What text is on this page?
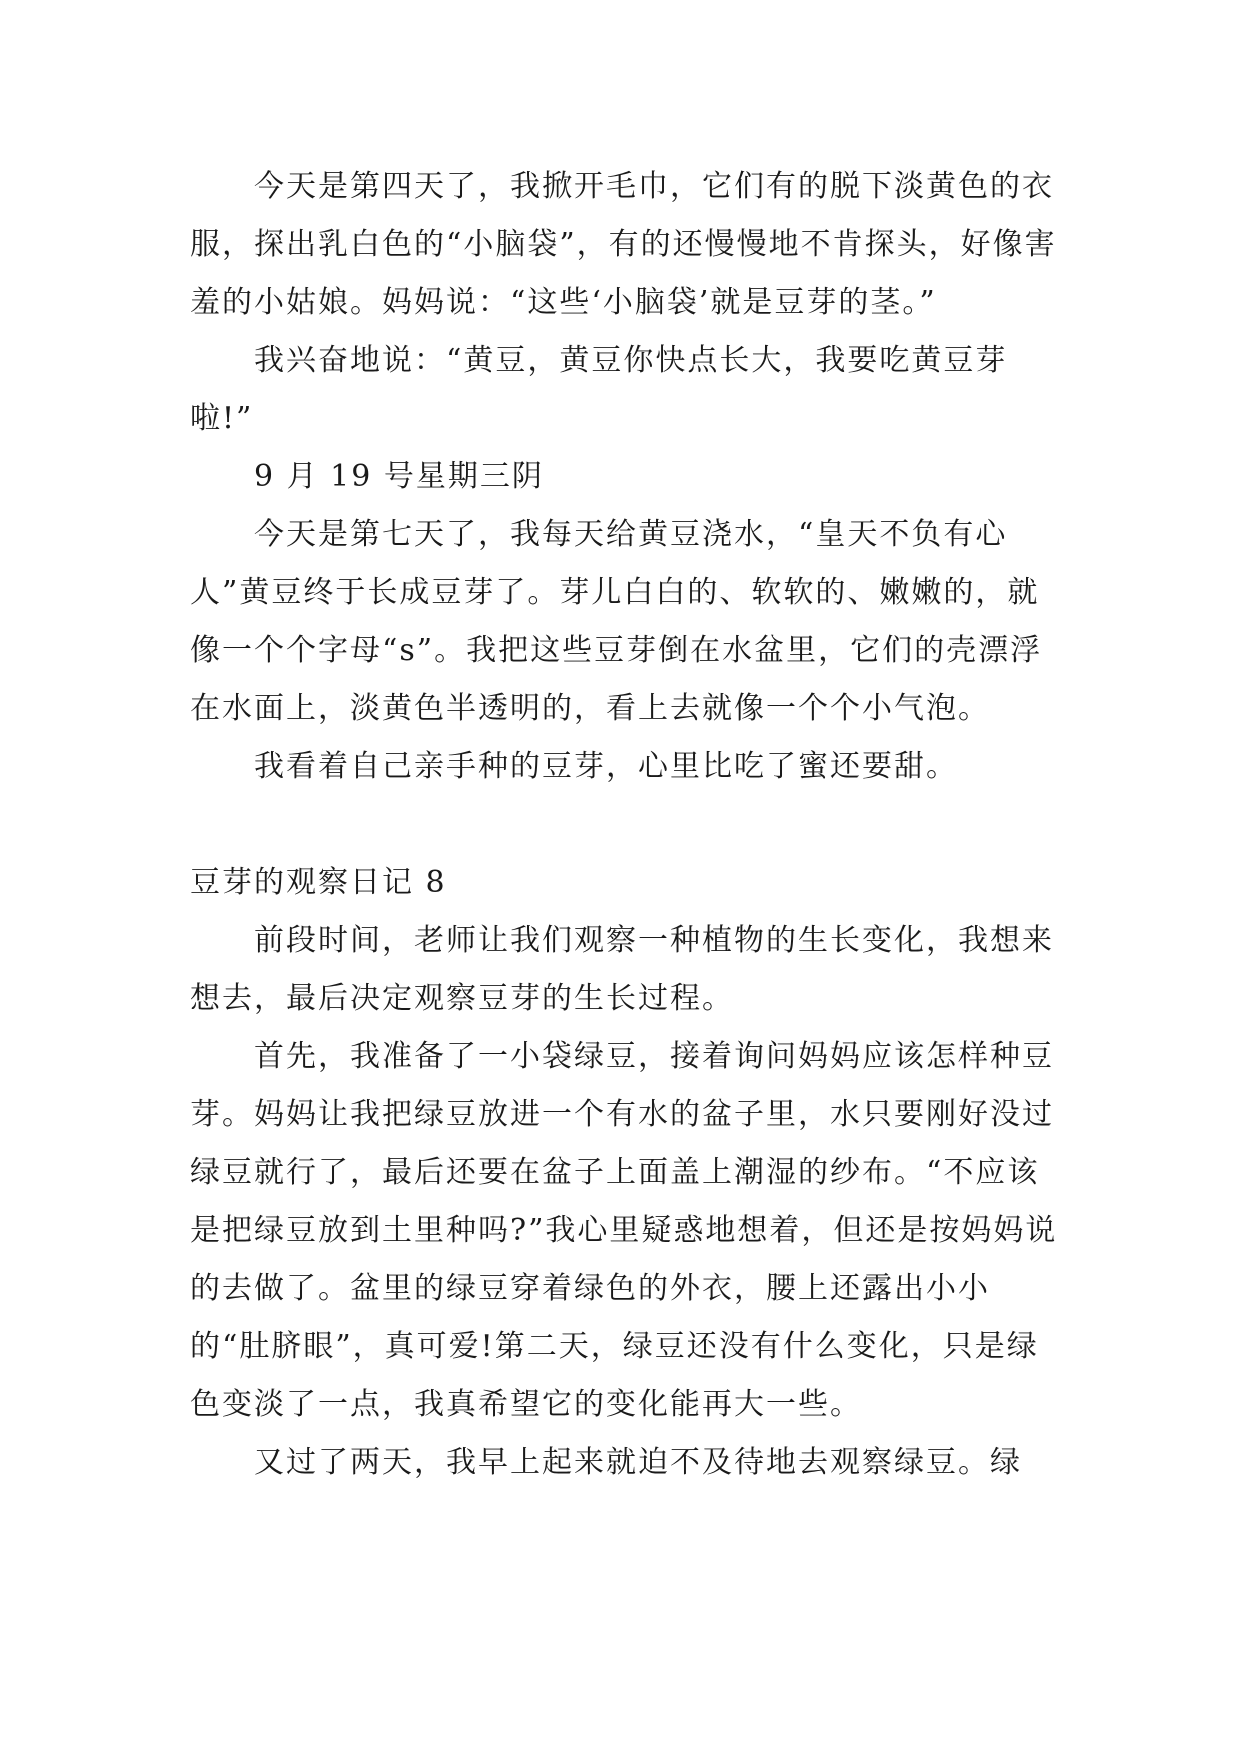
今天是第四天了，我掀开毛巾，它们有的脱下淡黄色的衣服，探出乳白色的“小脑袋”，有的还慢慢地不肯探头，好像害羞的小姑娘。妈妈说：“这些‘小脑袋’就是豆芽的茎。”

我兴奋地说：“黄豆，黄豆你快点长大，我要吃黄豆芽啦!”

9 月 19 号星期三阴

今天是第七天了，我每天给黄豆浇水，“皇天不负有心人”黄豆终于长成豆芽了。芽儿白白的、软软的、嫩嫩的，就像一个个字母“s”。我把这些豆芽倒在水盆里，它们的壳漂浮在水面上，淡黄色半透明的，看上去就像一个个小气泡。

我看着自己亲手种的豆芽，心里比吃了蜜还要甜。

豆芽的观察日记 8

前段时间，老师让我们观察一种植物的生长变化，我想来想去，最后决定观察豆芽的生长过程。

首先，我准备了一小袋绿豆，接着询问妈妈应该怎样种豆芽。妈妈让我把绿豆放进一个有水的盆子里，水只要刚好没过绿豆就行了，最后还要在盆子上面盖上潮湿的纱布。“不应该是把绿豆放到土里种吗?”我心里疑惑地想着，但还是按妈妈说的去做了。盆里的绿豆穿着绿色的外衣，腰上还露出小小的“肚脐眼”，真可爱!第二天，绿豆还没有什么变化，只是绿色变淡了一点，我真希望它的变化能再大一些。

又过了两天，我早上起来就迫不及待地去观察绿豆。绿
